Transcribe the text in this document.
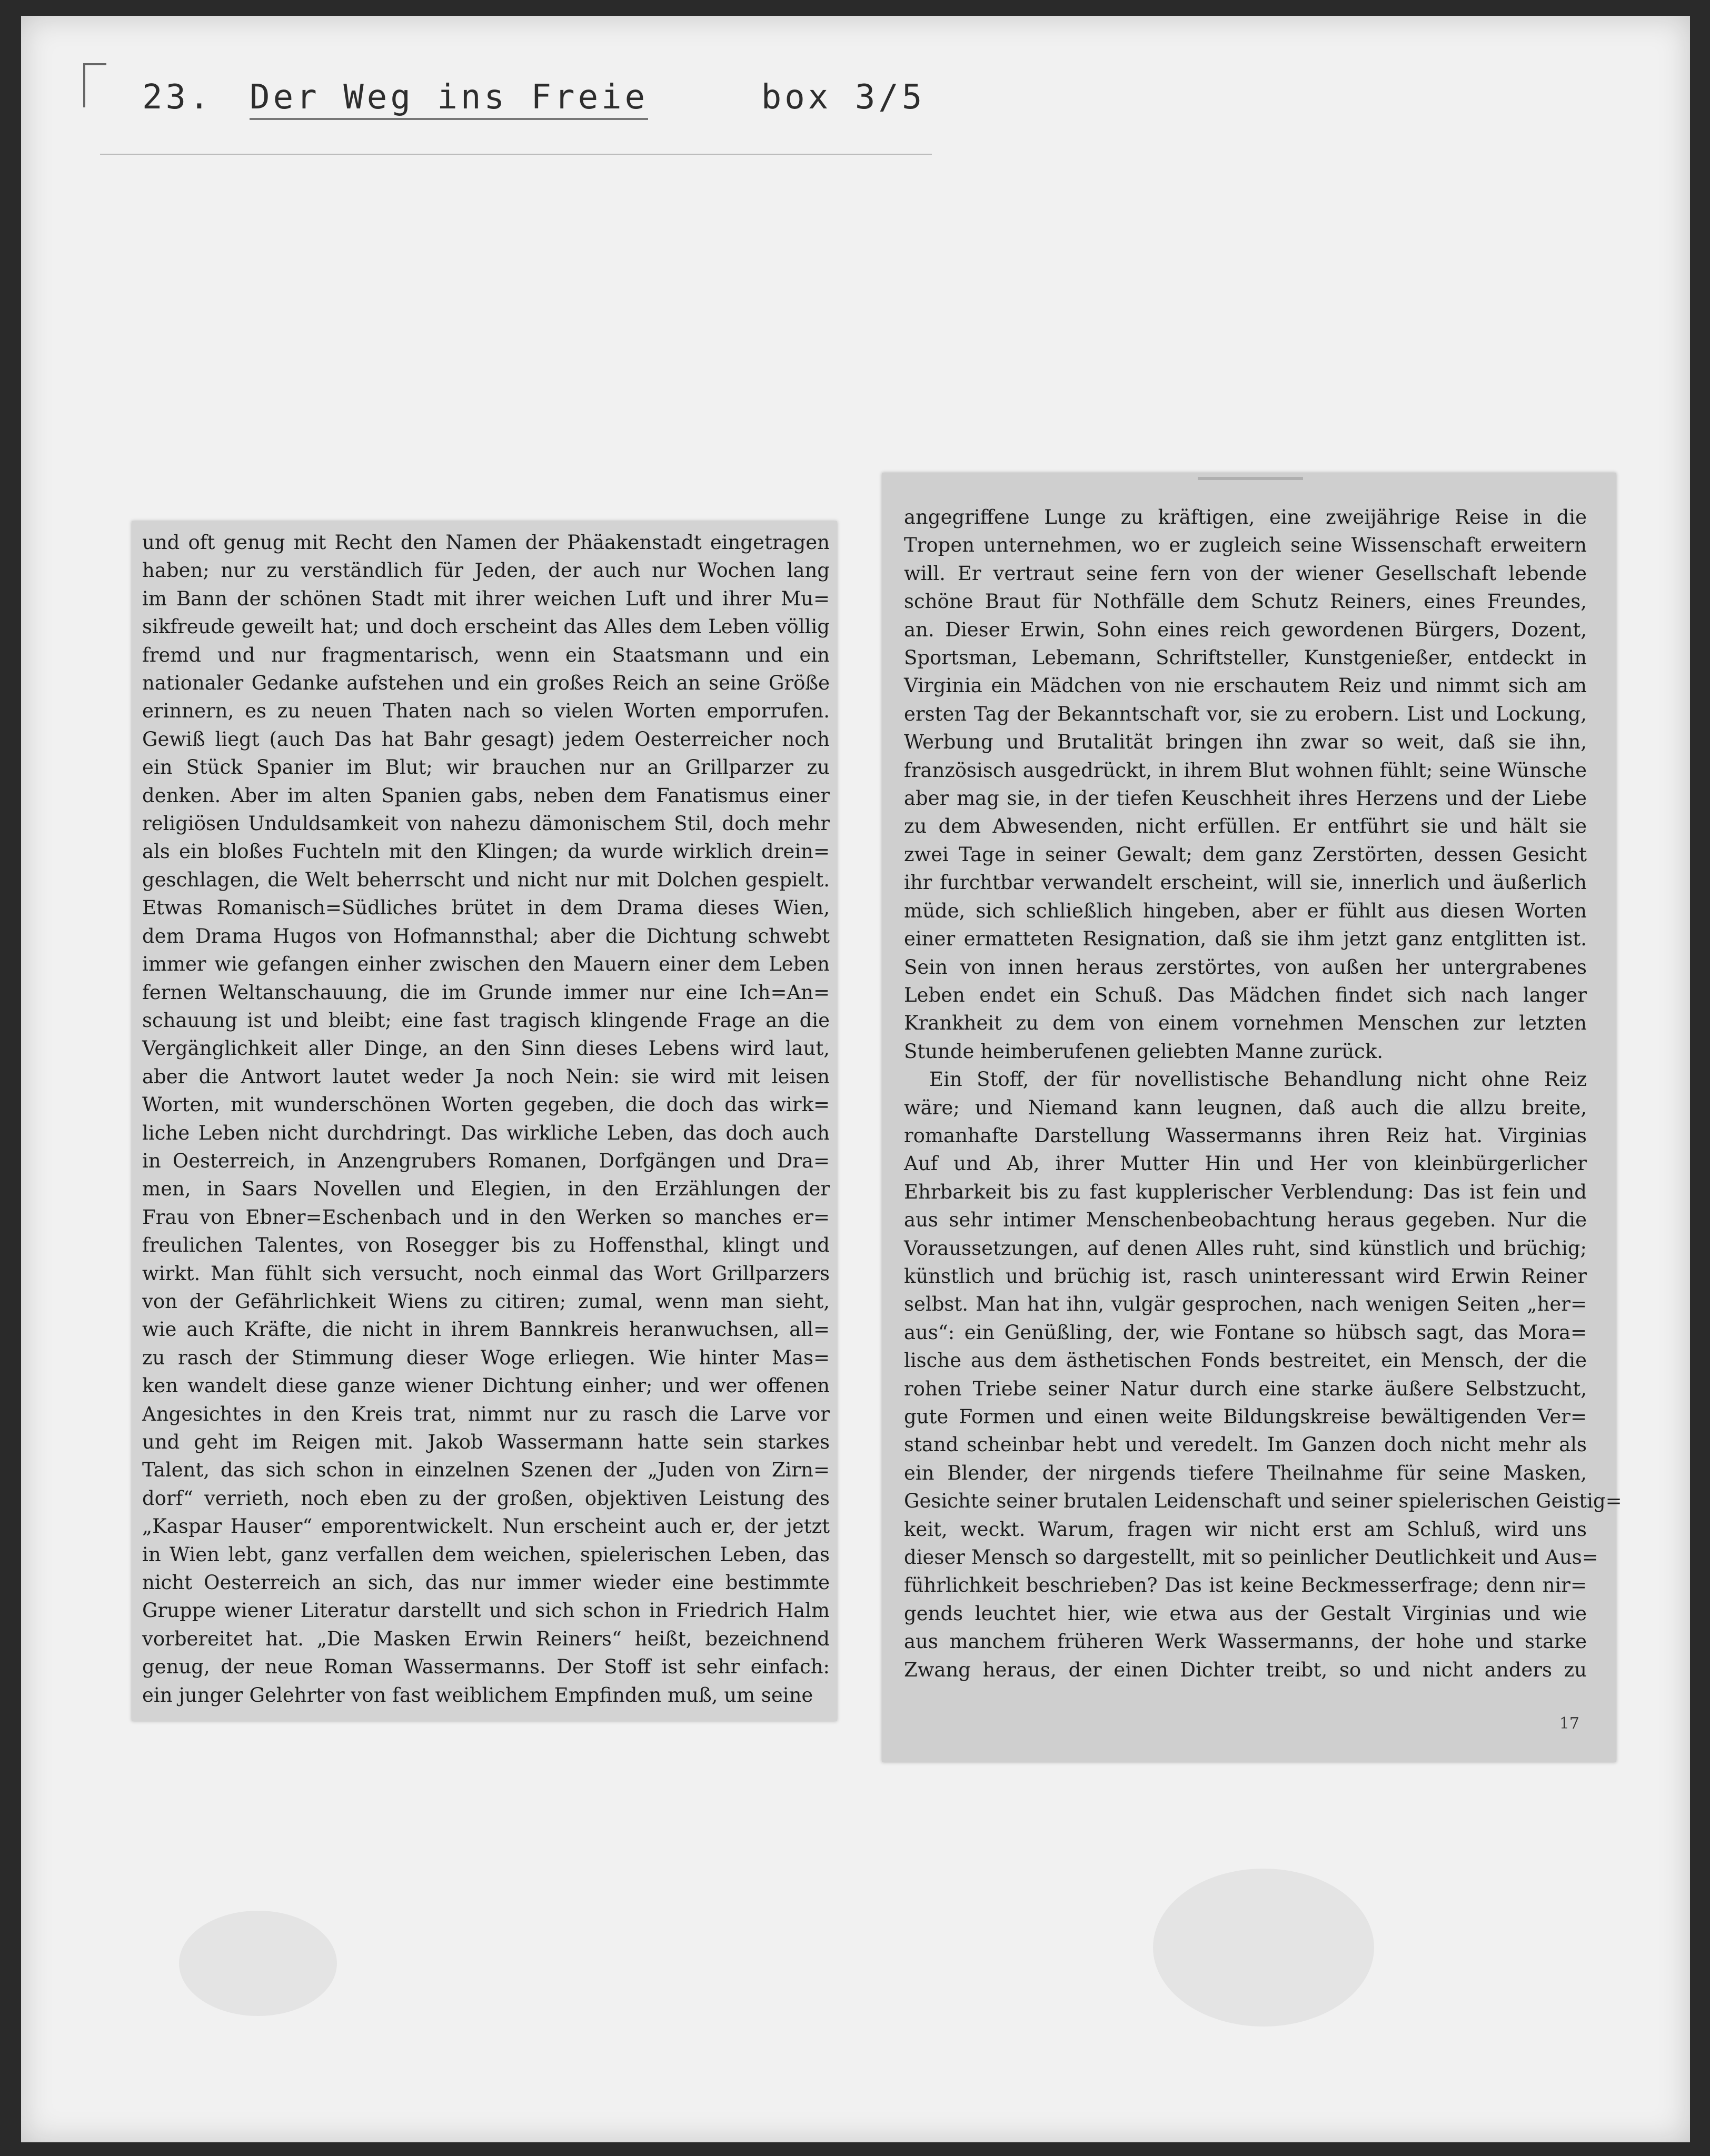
23. Der Weg ins Freie	box 3/5

und oft genug mit Recht den Namen der Phäakenstadt eingetragen

haben; nur zu verständlich für Jeden, der auch nur Wochen lang

im Bann der schönen Stadt mit ihrer weichen Luft und ihrer Mu=

sikfreude geweilt hat; und doch erscheint das Alles dem Leben völlig

fremd und nur fragmentarisch, wenn ein Staatsmann und ein

nationaler Gedanke aufstehen und ein großes Reich an seine Größe

erinnern, es zu neuen Thaten nach so vielen Worten emporrufen.

Gewiß liegt (auch Das hat Bahr gesagt) jedem Oesterreicher noch

ein Stück Spanier im Blut; wir brauchen nur an Grillparzer zu

denken. Aber im alten Spanien gabs, neben dem Fanatismus einer

religiösen Unduldsamkeit von nahezu dämonischem Stil, doch mehr

als ein bloßes Fuchteln mit den Klingen; da wurde wirklich drein=

geschlagen, die Welt beherrscht und nicht nur mit Dolchen gespielt.

Etwas Romanisch=Südliches brütet in dem Drama dieses Wien,

dem Drama Hugos von Hofmannsthal; aber die Dichtung schwebt

immer wie gefangen einher zwischen den Mauern einer dem Leben

fernen Weltanschauung, die im Grunde immer nur eine Ich=An=

schauung ist und bleibt; eine fast tragisch klingende Frage an die

Vergänglichkeit aller Dinge, an den Sinn dieses Lebens wird laut,

aber die Antwort lautet weder Ja noch Nein: sie wird mit leisen

Worten, mit wunderschönen Worten gegeben, die doch das wirk=

liche Leben nicht durchdringt. Das wirkliche Leben, das doch auch

in Oesterreich, in Anzengrubers Romanen, Dorfgängen und Dra=

men, in Saars Novellen und Elegien, in den Erzählungen der

Frau von Ebner=Eschenbach und in den Werken so manches er=

freulichen Talentes, von Rosegger bis zu Hoffensthal, klingt und

wirkt. Man fühlt sich versucht, noch einmal das Wort Grillparzers

von der Gefährlichkeit Wiens zu citiren; zumal, wenn man sieht,

wie auch Kräfte, die nicht in ihrem Bannkreis heranwuchsen, all=

zu rasch der Stimmung dieser Woge erliegen. Wie hinter Mas=

ken wandelt diese ganze wiener Dichtung einher; und wer offenen

Angesichtes in den Kreis trat, nimmt nur zu rasch die Larve vor

und geht im Reigen mit. Jakob Wassermann hatte sein starkes

Talent, das sich schon in einzelnen Szenen der „Juden von Zirn=

dorf“ verrieth, noch eben zu der großen, objektiven Leistung des

„Kaspar Hauser“ emporentwickelt. Nun erscheint auch er, der jetzt

in Wien lebt, ganz verfallen dem weichen, spielerischen Leben, das

nicht Oesterreich an sich, das nur immer wieder eine bestimmte

Gruppe wiener Literatur darstellt und sich schon in Friedrich Halm

vorbereitet hat. „Die Masken Erwin Reiners“ heißt, bezeichnend

genug, der neue Roman Wassermanns. Der Stoff ist sehr einfach:

ein junger Gelehrter von fast weiblichem Empfinden muß, um seine

angegriffene Lunge zu kräftigen, eine zweijährige Reise in die

Tropen unternehmen, wo er zugleich seine Wissenschaft erweitern

will. Er vertraut seine fern von der wiener Gesellschaft lebende

schöne Braut für Nothfälle dem Schutz Reiners, eines Freundes,

an. Dieser Erwin, Sohn eines reich gewordenen Bürgers, Dozent,

Sportsman, Lebemann, Schriftsteller, Kunstgenießer, entdeckt in

Virginia ein Mädchen von nie erschautem Reiz und nimmt sich am

ersten Tag der Bekanntschaft vor, sie zu erobern. List und Lockung,

Werbung und Brutalität bringen ihn zwar so weit, daß sie ihn,

französisch ausgedrückt, in ihrem Blut wohnen fühlt; seine Wünsche

aber mag sie, in der tiefen Keuschheit ihres Herzens und der Liebe

zu dem Abwesenden, nicht erfüllen. Er entführt sie und hält sie

zwei Tage in seiner Gewalt; dem ganz Zerstörten, dessen Gesicht

ihr furchtbar verwandelt erscheint, will sie, innerlich und äußerlich

müde, sich schließlich hingeben, aber er fühlt aus diesen Worten

einer ermatteten Resignation, daß sie ihm jetzt ganz entglitten ist.

Sein von innen heraus zerstörtes, von außen her untergrabenes

Leben endet ein Schuß. Das Mädchen findet sich nach langer

Krankheit zu dem von einem vornehmen Menschen zur letzten

Stunde heimberufenen geliebten Manne zurück.

Ein Stoff, der für novellistische Behandlung nicht ohne Reiz

wäre; und Niemand kann leugnen, daß auch die allzu breite,

romanhafte Darstellung Wassermanns ihren Reiz hat. Virginias

Auf und Ab, ihrer Mutter Hin und Her von kleinbürgerlicher

Ehrbarkeit bis zu fast kupplerischer Verblendung: Das ist fein und

aus sehr intimer Menschenbeobachtung heraus gegeben. Nur die

Voraussetzungen, auf denen Alles ruht, sind künstlich und brüchig;

künstlich und brüchig ist, rasch uninteressant wird Erwin Reiner

selbst. Man hat ihn, vulgär gesprochen, nach wenigen Seiten „her=

aus“: ein Genüßling, der, wie Fontane so hübsch sagt, das Mora=

lische aus dem ästhetischen Fonds bestreitet, ein Mensch, der die

rohen Triebe seiner Natur durch eine starke äußere Selbstzucht,

gute Formen und einen weite Bildungskreise bewältigenden Ver=

stand scheinbar hebt und veredelt. Im Ganzen doch nicht mehr als

ein Blender, der nirgends tiefere Theilnahme für seine Masken,

Gesichte seiner brutalen Leidenschaft und seiner spielerischen Geistig=

keit, weckt. Warum, fragen wir nicht erst am Schluß, wird uns

dieser Mensch so dargestellt, mit so peinlicher Deutlichkeit und Aus=

führlichkeit beschrieben? Das ist keine Beckmesserfrage; denn nir=

gends leuchtet hier, wie etwa aus der Gestalt Virginias und wie

aus manchem früheren Werk Wassermanns, der hohe und starke

Zwang heraus, der einen Dichter treibt, so und nicht anders zu

17
